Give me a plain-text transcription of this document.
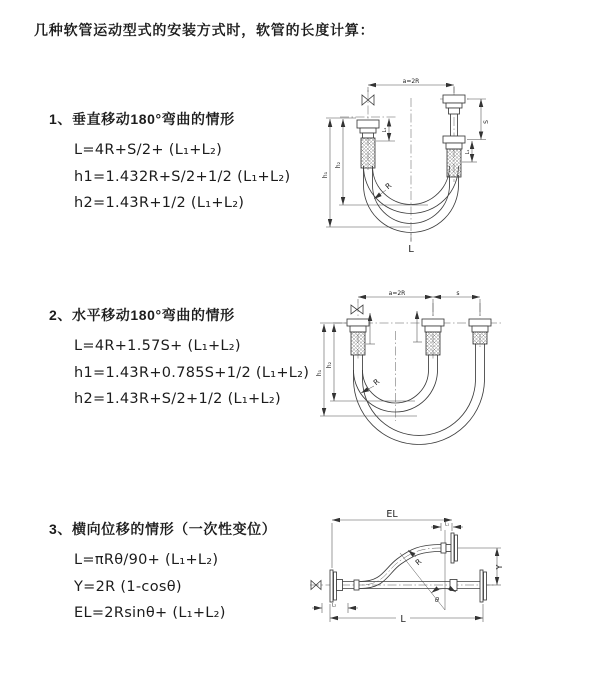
几种软管运动型式的安装方式时，软管的长度计算：
1、垂直移动180°弯曲的情形
L=4R+S/2+ (L₁+L₂)
h1=1.432R+S/2+1/2 (L₁+L₂)
h2=1.43R+1/2 (L₁+L₂)
2、水平移动180°弯曲的情形
L=4R+1.57S+ (L₁+L₂)
h1=1.43R+0.785S+1/2 (L₁+L₂)
h2=1.43R+S/2+1/2 (L₁+L₂)
3、横向位移的情形（一次性变位）
L=πRθ/90+ (L₁+L₂)
Y=2R (1-cosθ)
EL=2Rsinθ+ (L₁+L₂)
a=2R
S
L₁
L₁
h₁
h₂
R
L
a=2R	s
h₁
h₂
R
EL
L₁
Y
L
L₂
θ
R
